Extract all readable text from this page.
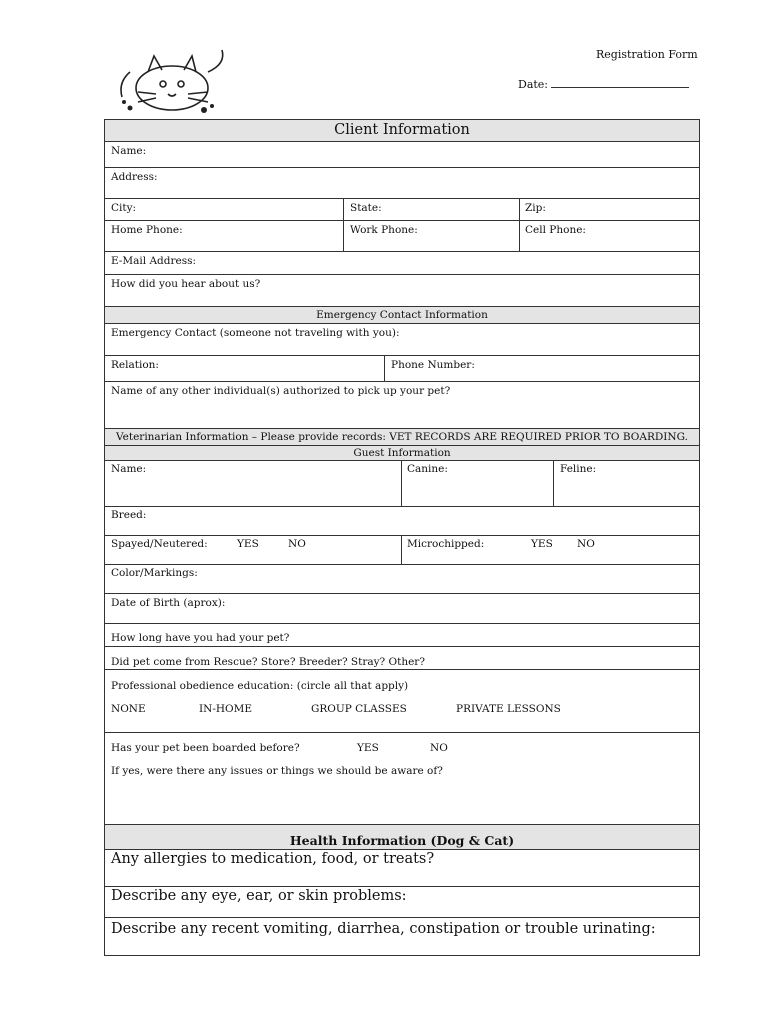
Registration Form
Date:
Client Information
Name:
Address:
City:	State:	Zip:
Home Phone:	Work Phone:	Cell Phone:
E-Mail Address:
How did you hear about us?
Emergency Contact Information
Emergency Contact (someone not traveling with you):
Relation:	Phone Number:
Name of any other individual(s) authorized to pick up your pet?
Veterinarian Information – Please provide records: VET RECORDS ARE REQUIRED PRIOR TO BOARDING.
Guest Information
Name:	Canine:	Feline:
Breed:
Spayed/Neutered:	YES	NO	Microchipped:	YES NO
Color/Markings:
Date of Birth (aprox):
How long have you had your pet?
Did pet come from Rescue? Store? Breeder? Stray? Other?
Professional obedience education: (circle all that apply)
NONE	IN-HOME	GROUP CLASSES	PRIVATE LESSONS
Has your pet been boarded before?	YES	NO
If yes, were there any issues or things we should be aware of?
Health Information (Dog & Cat)
Any allergies to medication, food, or treats?
Describe any eye, ear, or skin problems:
Describe any recent vomiting, diarrhea, constipation or trouble urinating:
